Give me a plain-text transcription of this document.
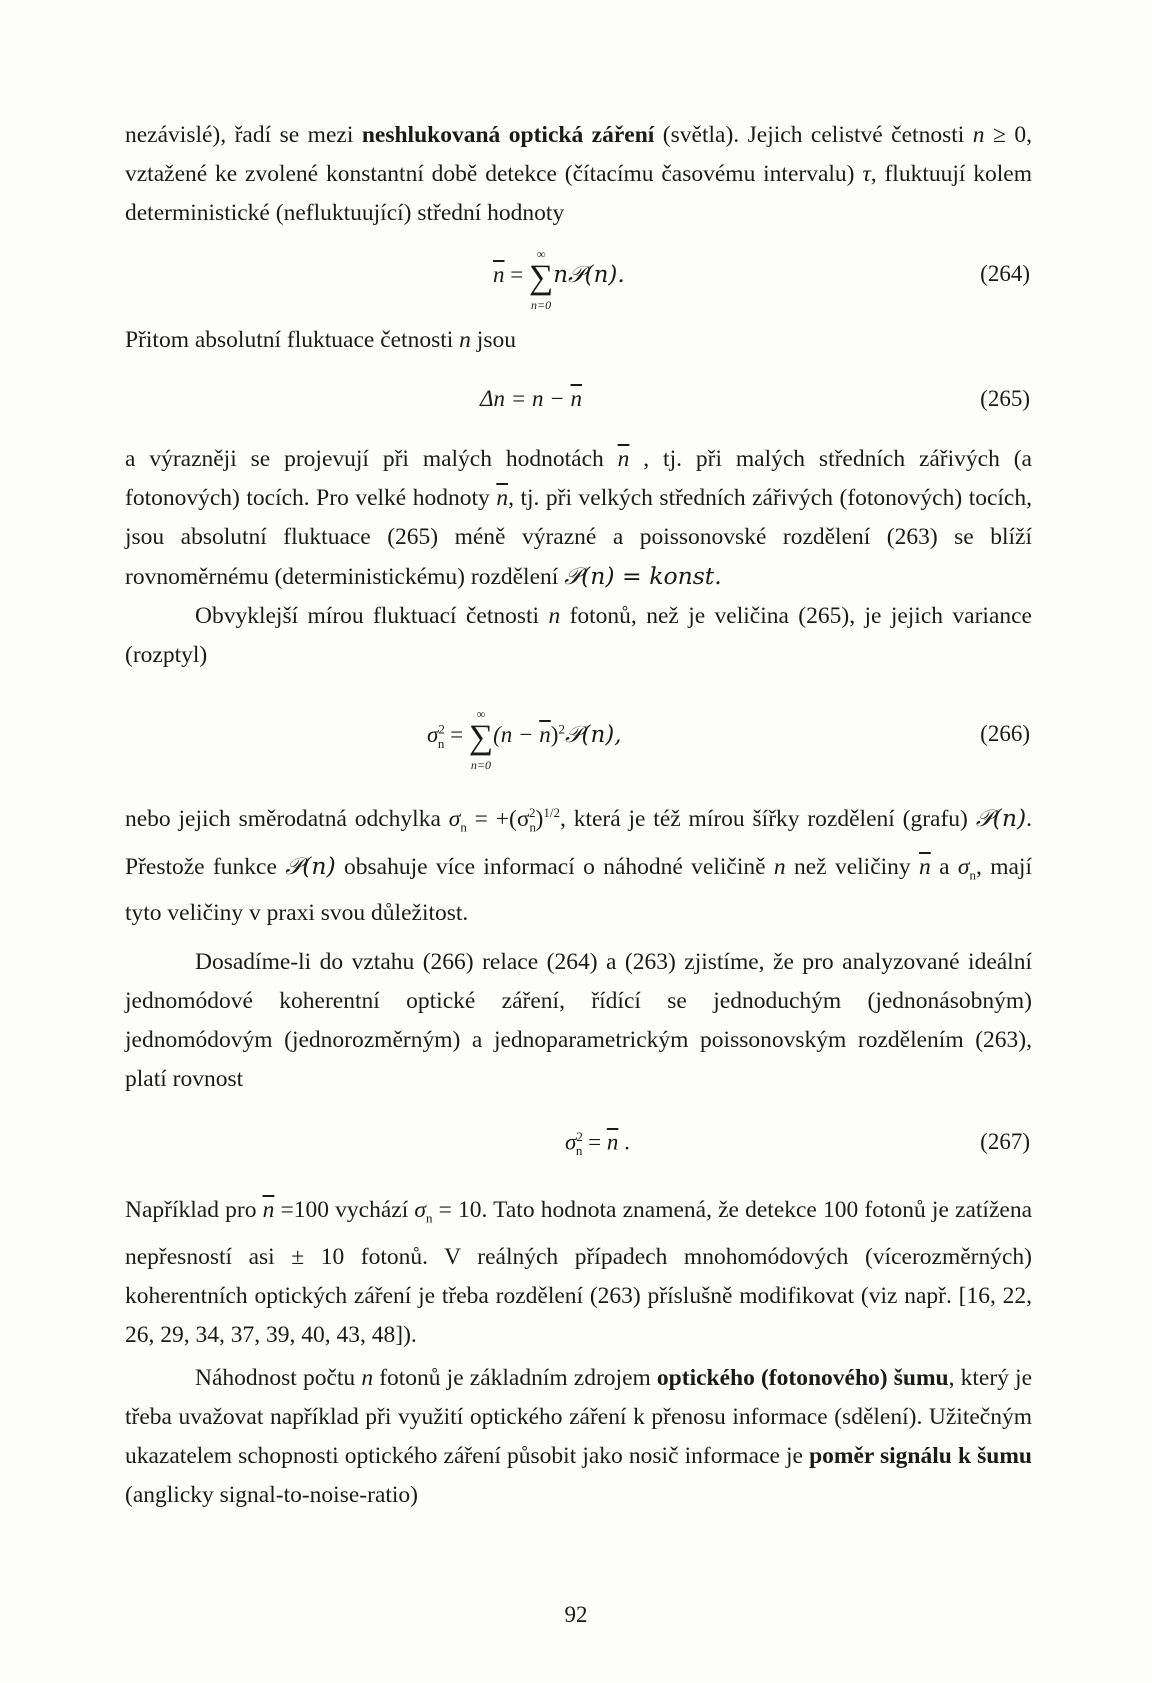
nezávislé), řadí se mezi neshlukovaná optická záření (světla). Jejich celistvé četnosti n ≥ 0, vztažené ke zvolené konstantní době detekce (čítacímu časovému intervalu) τ, fluktuují kolem deterministické (nefluktuující) střední hodnoty

$\overline{n}$ =
∞
∑
n=0
n𝒫(n).	(264)

Přitom absolutní fluktuace četnosti n jsou

$\Delta n = n - \overline{n}$	(265)

a výrazněji se projevují při malých hodnotách $\overline{n}$ , tj. při malých středních zářivých (a fotonových) tocích. Pro velké hodnoty $\overline{n}$, tj. při velkých středních zářivých (fotonových) tocích, jsou absolutní fluktuace (265) méně výrazné a poissonovské rozdělení (263) se blíží rovnoměrnému (deterministickému) rozdělení 𝒫(n) = konst.

Obvyklejší mírou fluktuací četnosti n fotonů, než je veličina (265), je jejich variance (rozptyl)

$\sigma^2_n$ =
∞
∑
n=0
$(n - \overline{n})^2𝒫(n)$,	(266)

nebo jejich směrodatná odchylka $\sigma_n = +(\sigma_n^2)^{1/2}$, která je též mírou šířky rozdělení (grafu) 𝒫(n). Přestože funkce 𝒫(n) obsahuje více informací o náhodné veličině n než veličiny $\overline{n}$ a $\sigma_n$, mají tyto veličiny v praxi svou důležitost.

Dosadíme-li do vztahu (266) relace (264) a (263) zjistíme, že pro analyzované ideální jednomódové koherentní optické záření, řídící se jednoduchým (jednonásobným) jednomódovým (jednorozměrným) a jednoparametrickým poissonovským rozdělením (263), platí rovnost

$\sigma^2_n = \overline{n}$ .	(267)

Například pro $\overline{n} =100$ vychází $\sigma_n = 10$. Tato hodnota znamená, že detekce 100 fotonů je zatížena nepřesností asi ± 10 fotonů. V reálných případech mnohomódových (vícerozměrných) koherentních optických záření je třeba rozdělení (263) příslušně modifikovat (viz např. [16, 22, 26, 29, 34, 37, 39, 40, 43, 48]).

Náhodnost počtu n fotonů je základním zdrojem optického (fotonového) šumu, který je třeba uvažovat například při využití optického záření k přenosu informace (sdělení). Užitečným ukazatelem schopnosti optického záření působit jako nosič informace je poměr signálu k šumu (anglicky signal-to-noise-ratio)

92
